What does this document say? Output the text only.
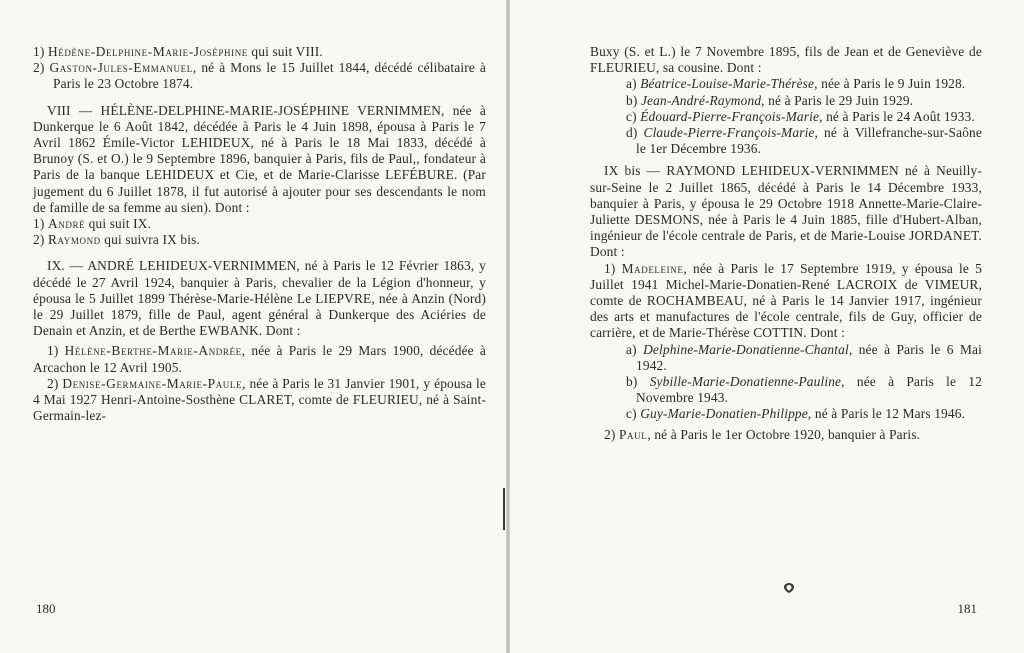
1) Hédène-Delphine-Marie-Joséphine qui suit VIII.

2) Gaston-Jules-Emmanuel, né à Mons le 15 Juillet 1844, décédé célibataire à Paris le 23 Octobre 1874.

VIII — HÉLÈNE-DELPHINE-MARIE-JOSÉPHINE VERNIMMEN, née à Dunkerque le 6 Août 1842, décédée à Paris le 4 Juin 1898, épousa à Paris le 7 Avril 1862 Émile-Victor LEHIDEUX, né à Paris le 18 Mai 1833, décédé à Brunoy (S. et O.) le 9 Septembre 1896, banquier à Paris, fils de Paul,, fondateur à Paris de la banque LEHIDEUX et Cie, et de Marie-Clarisse LEFÉBURE. (Par jugement du 6 Juillet 1878, il fut autorisé à ajouter pour ses descendants le nom de famille de sa femme au sien). Dont :

1) André qui suit IX.

2) Raymond qui suivra IX bis.

IX. — ANDRÉ LEHIDEUX-VERNIMMEN, né à Paris le 12 Février 1863, y décédé le 27 Avril 1924, banquier à Paris, chevalier de la Légion d'honneur, y épousa le 5 Juillet 1899 Thérèse-Marie-Hélène Le LIEPVRE, née à Anzin (Nord) le 29 Juillet 1879, fille de Paul, agent général à Dunkerque des Aciéries de Denain et Anzin, et de Berthe EWBANK. Dont :

1) Hélène-Berthe-Marie-Andrée, née à Paris le 29 Mars 1900, décédée à Arcachon le 12 Avril 1905.

2) Denise-Germaine-Marie-Paule, née à Paris le 31 Janvier 1901, y épousa le 4 Mai 1927 Henri-Antoine-Sosthène CLARET, comte de FLEURIEU, né à Saint-Germain-lez-

Buxy (S. et L.) le 7 Novembre 1895, fils de Jean et de Geneviève de FLEURIEU, sa cousine. Dont :

a) Béatrice-Louise-Marie-Thérèse, née à Paris le 9 Juin 1928.

b) Jean-André-Raymond, né à Paris le 29 Juin 1929.

c) Édouard-Pierre-François-Marie, né à Paris le 24 Août 1933.

d) Claude-Pierre-François-Marie, né à Villefranche-sur-Saône le 1er Décembre 1936.

IX bis — RAYMOND LEHIDEUX-VERNIMMEN né à Neuilly-sur-Seine le 2 Juillet 1865, décédé à Paris le 14 Décembre 1933, banquier à Paris, y épousa le 29 Octobre 1918 Annette-Marie-Claire-Juliette DESMONS, née à Paris le 4 Juin 1885, fille d'Hubert-Alban, ingénieur de l'école centrale de Paris, et de Marie-Louise JORDANET. Dont :

1) Madeleine, née à Paris le 17 Septembre 1919, y épousa le 5 Juillet 1941 Michel-Marie-Donatien-René LACROIX de VIMEUR, comte de ROCHAMBEAU, né à Paris le 14 Janvier 1917, ingénieur des arts et manufactures de l'école centrale, fils de Guy, officier de carrière, et de Marie-Thérèse COTTIN. Dont :

a) Delphine-Marie-Donatienne-Chantal, née à Paris le 6 Mai 1942.

b) Sybille-Marie-Donatienne-Pauline, née à Paris le 12 Novembre 1943.

c) Guy-Marie-Donatien-Philippe, né à Paris le 12 Mars 1946.

2) Paul, né à Paris le 1er Octobre 1920, banquier à Paris.

180	181
